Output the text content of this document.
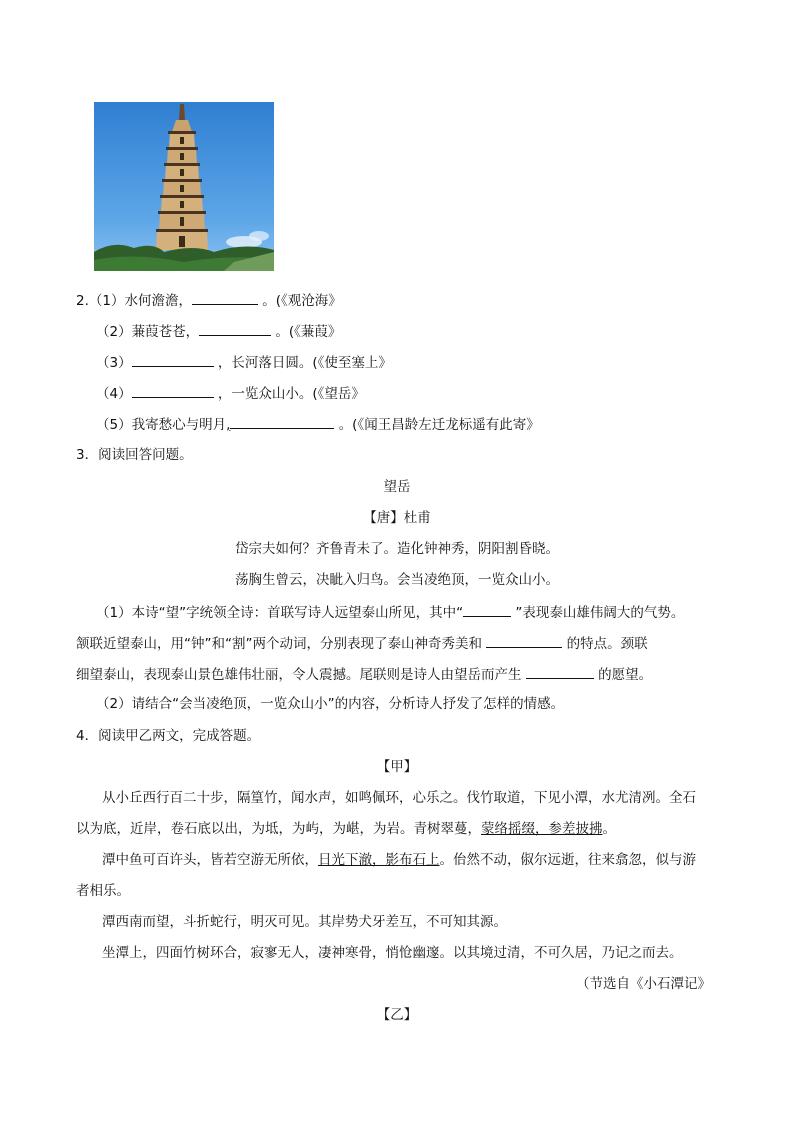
2.（1）水何澹澹，	。(《观沧海》
（2）蒹葭苍苍，	。(《蒹葭》
（3）	，长河落日圆。(《使至塞上》
（4）	，一览众山小。(《望岳》
（5）我寄愁心与明月,	。(《闻王昌龄左迁龙标遥有此寄》
3．阅读回答问题。
望岳
【唐】杜甫
岱宗夫如何？齐鲁青未了。造化钟神秀，阴阳割昏晓。
荡胸生曾云，决眦入归鸟。会当凌绝顶，一览众山小。
（1）本诗“望”字统领全诗：首联写诗人远望泰山所见，其中“	”表现泰山雄伟阔大的气势。
颔联近望泰山，用“钟”和“割”两个动词，分别表现了泰山神奇秀美和	的特点。颈联
细望泰山，表现泰山景色雄伟壮丽，令人震撼。尾联则是诗人由望岳而产生	的愿望。
（2）请结合“会当凌绝顶，一览众山小”的内容，分析诗人抒发了怎样的情感。
4．阅读甲乙两文，完成答题。
【甲】
从小丘西行百二十步，隔篁竹，闻水声，如鸣佩环，心乐之。伐竹取道，下见小潭，水尤清冽。全石
以为底，近岸，卷石底以出，为坻，为屿，为嵁，为岩。青树翠蔓，蒙络摇缀，参差披拂。
潭中鱼可百许头，皆若空游无所依，日光下澈，影布石上。佁然不动，俶尔远逝，往来翕忽，似与游
者相乐。
潭西南而望，斗折蛇行，明灭可见。其岸势犬牙差互，不可知其源。
坐潭上，四面竹树环合，寂寥无人，凄神寒骨，悄怆幽邃。以其境过清，不可久居，乃记之而去。
（节选自《小石潭记》
【乙】
